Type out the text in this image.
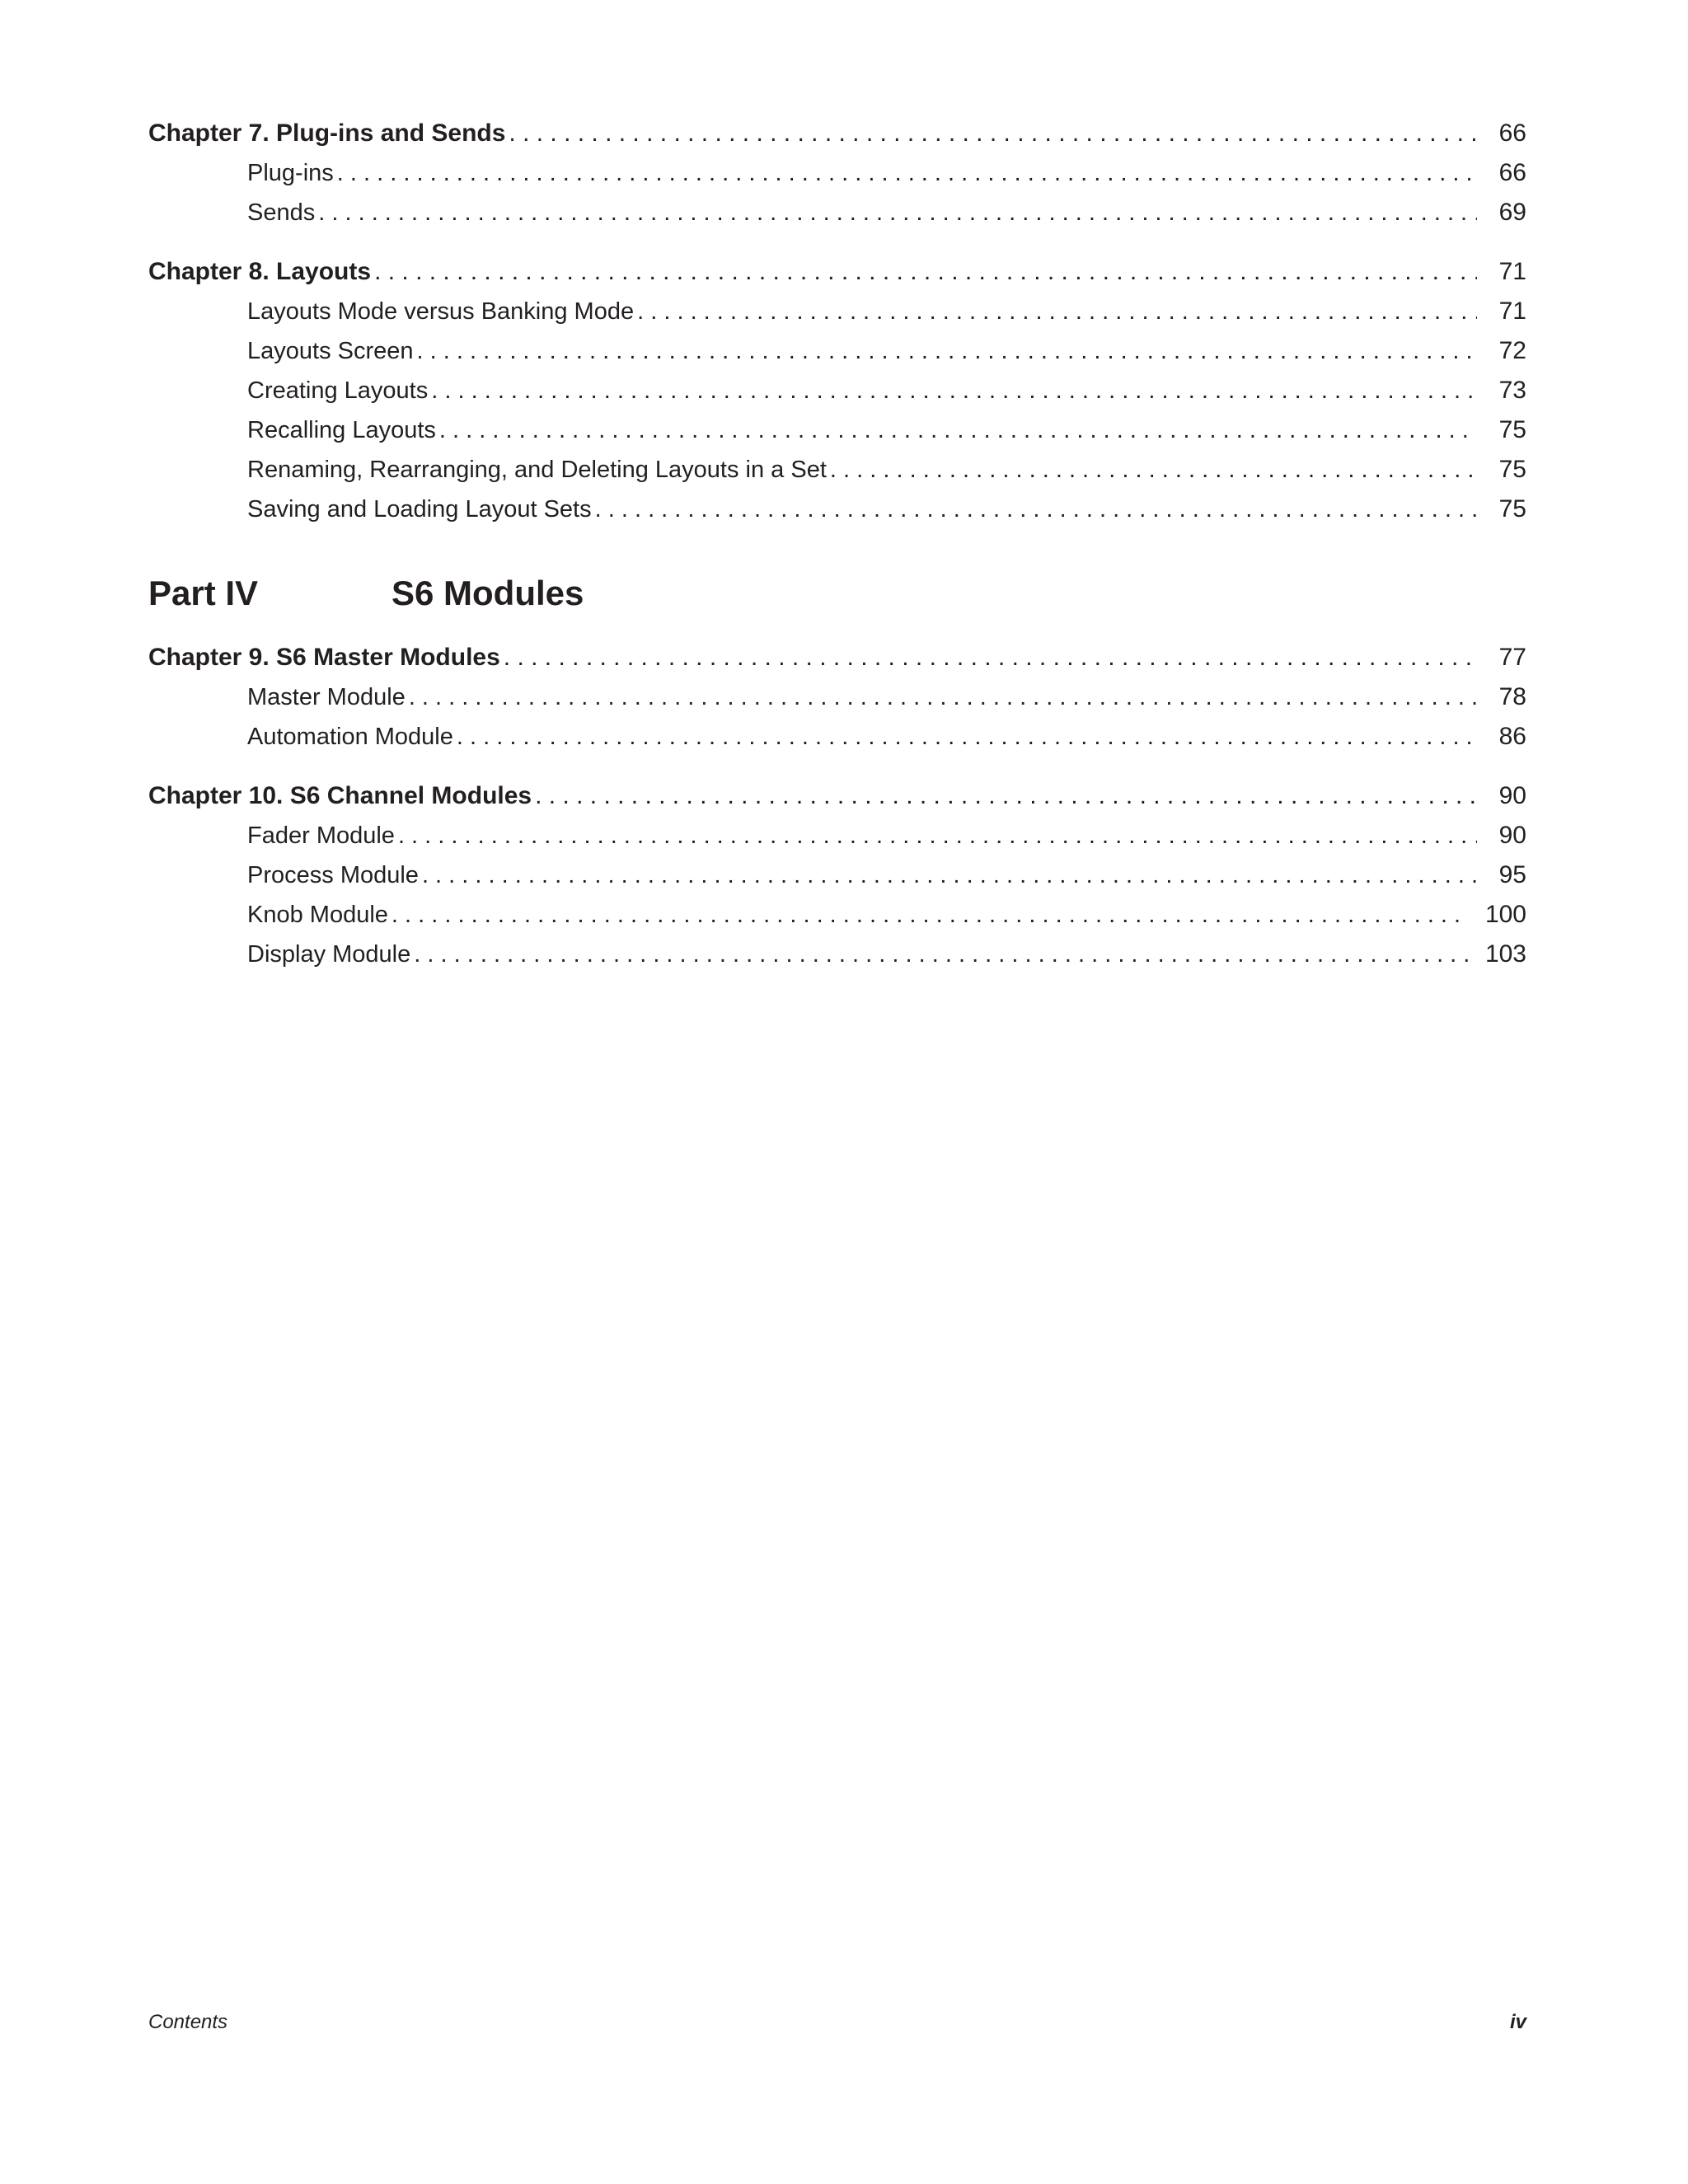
Chapter 7. Plug-ins and Sends . . .	66
Plug-ins . . .	66
Sends . . .	69
Chapter 8. Layouts . . .	71
Layouts Mode versus Banking Mode . . .	71
Layouts Screen . . .	72
Creating Layouts . . .	73
Recalling Layouts . . .	75
Renaming, Rearranging, and Deleting Layouts in a Set . . .	75
Saving and Loading Layout Sets . . .	75
Part IV	S6 Modules
Chapter 9. S6 Master Modules . . .	77
Master Module . . .	78
Automation Module . . .	86
Chapter 10. S6 Channel Modules . . .	90
Fader Module . . .	90
Process Module . . .	95
Knob Module . . .	100
Display Module . . .	103
Contents	iv
